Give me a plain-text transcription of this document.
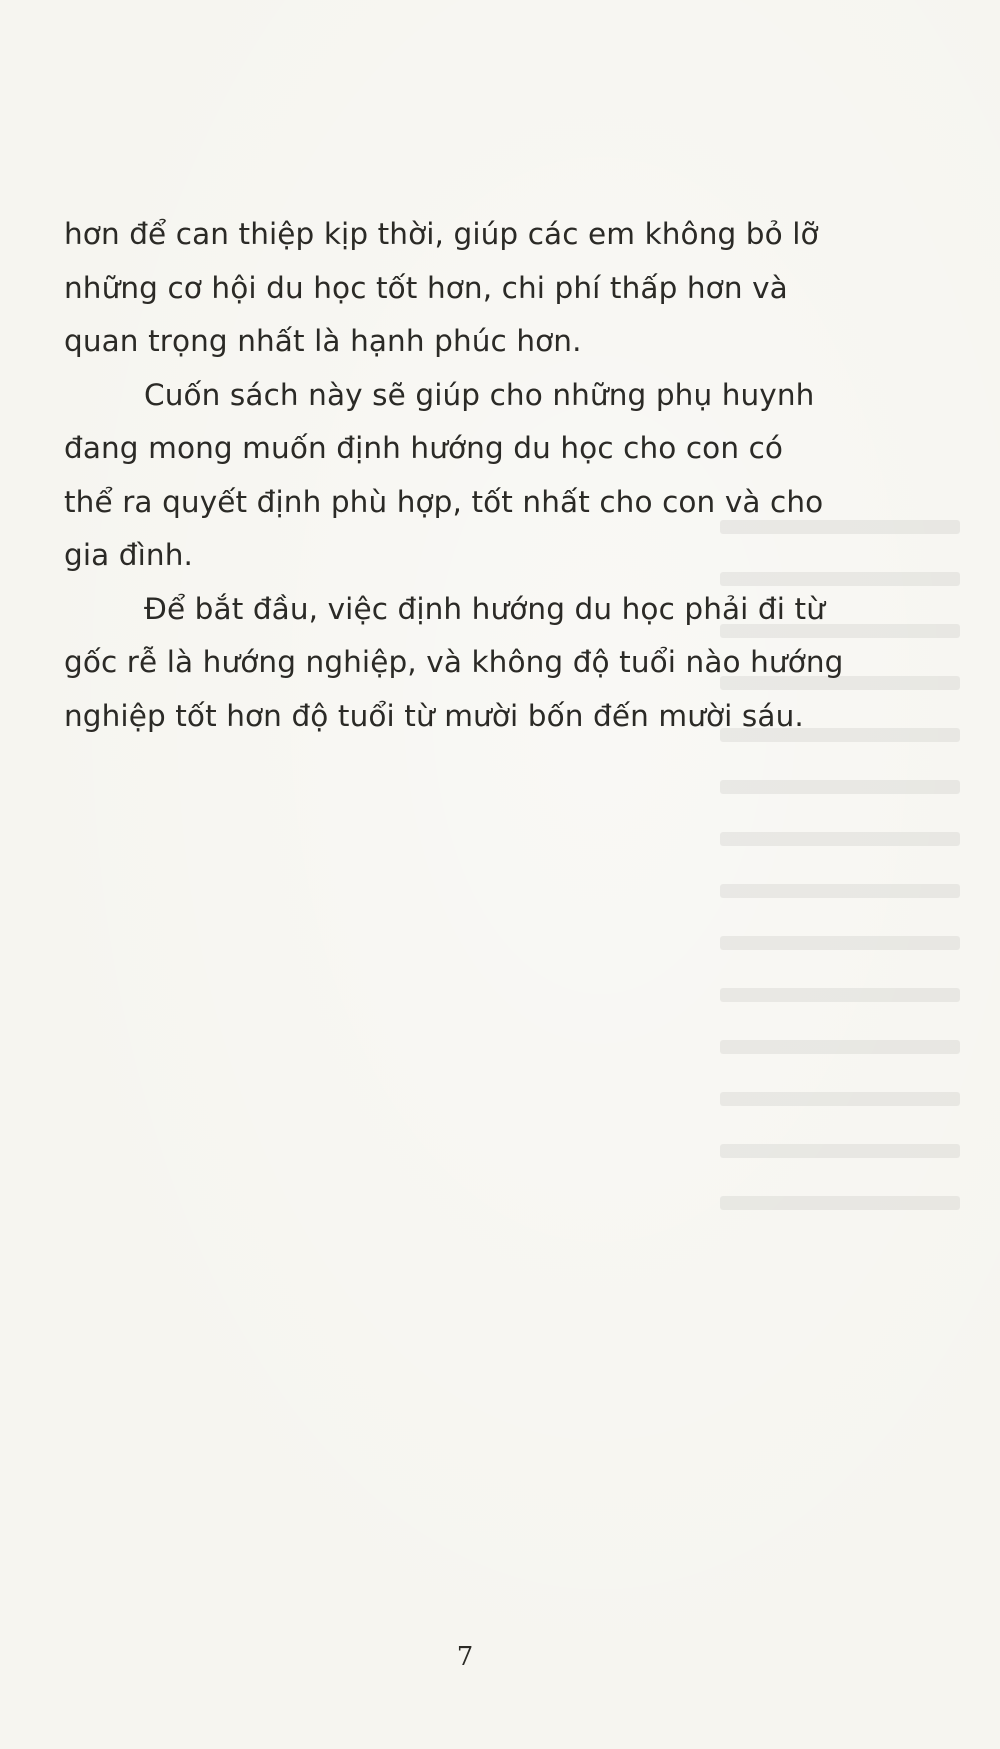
hơn để can thiệp kịp thời, giúp các em không bỏ lỡ
những cơ hội du học tốt hơn, chi phí thấp hơn và
quan trọng nhất là hạnh phúc hơn.

Cuốn sách này sẽ giúp cho những phụ huynh
đang mong muốn định hướng du học cho con có
thể ra quyết định phù hợp, tốt nhất cho con và cho
gia đình.

Để bắt đầu, việc định hướng du học phải đi từ
gốc rễ là hướng nghiệp, và không độ tuổi nào hướng
nghiệp tốt hơn độ tuổi từ mười bốn đến mười sáu.

7
